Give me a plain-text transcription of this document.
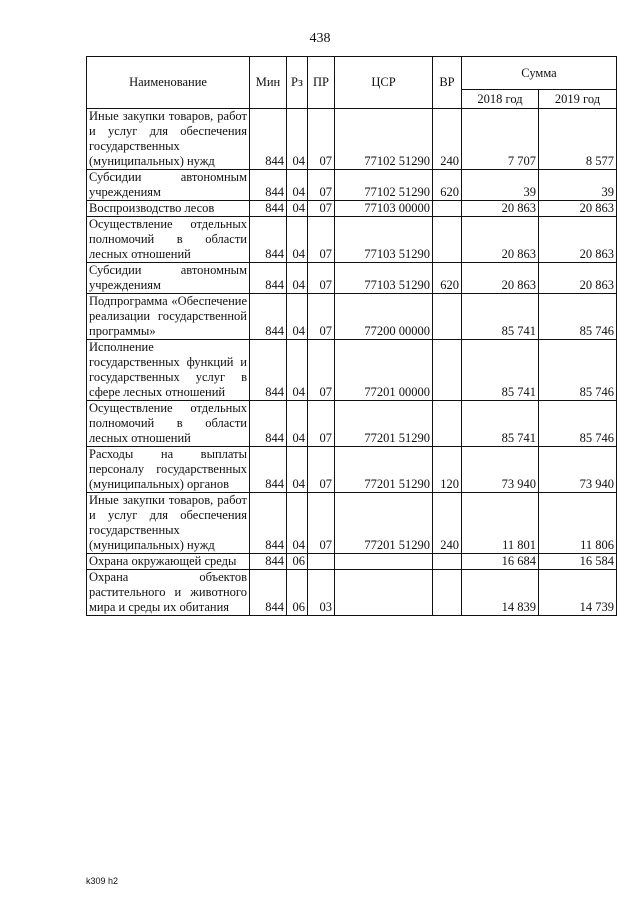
438
Наименование	Мин	Рз	ПР	ЦСР	ВР	Сумма	
						2018 год	2019 год
Иные закупки товаров, работ и услуг для обеспечения государственных (муниципальных) нужд	844	04	07	77102 51290	240	7 707	8 577
Субсидии автономным учреждениям	844	04	07	77102 51290	620	39	39
Воспроизводство лесов	844	04	07	77103 00000		20 863	20 863
Осуществление отдельных полномочий в области лесных отношений	844	04	07	77103 51290		20 863	20 863
Субсидии автономным учреждениям	844	04	07	77103 51290	620	20 863	20 863
Подпрограмма «Обеспечение реализации государственной программы»	844	04	07	77200 00000		85 741	85 746
Исполнение государственных функций и государственных услуг в сфере лесных отношений	844	04	07	77201 00000		85 741	85 746
Осуществление отдельных полномочий в области лесных отношений	844	04	07	77201 51290		85 741	85 746
Расходы на выплаты персоналу государственных (муниципальных) органов	844	04	07	77201 51290	120	73 940	73 940
Иные закупки товаров, работ и услуг для обеспечения государственных (муниципальных) нужд	844	04	07	77201 51290	240	11 801	11 806
Охрана окружающей среды	844	06				16 684	16 584
Охрана объектов растительного и животного мира и среды их обитания	844	06	03			14 839	14 739
k309 h2
